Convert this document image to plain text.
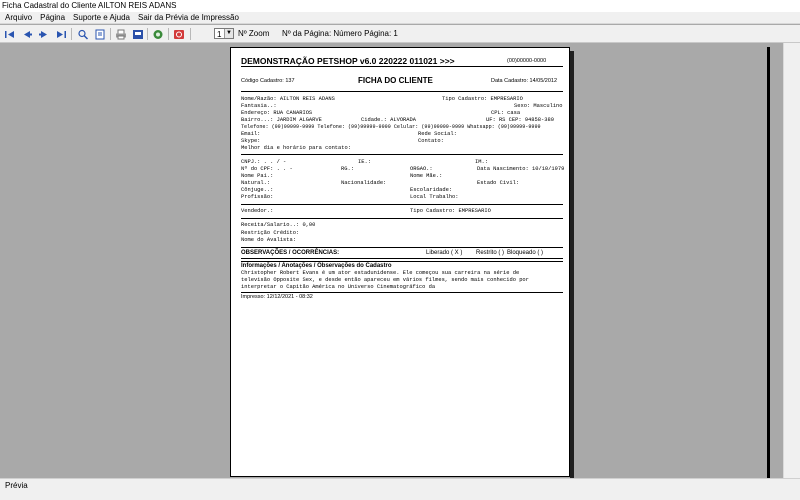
Ficha Cadastral do Cliente AILTON REIS ADANS
Arquivo Página Suporte e Ajuda Sair da Prévia de Impressão
1 ▼ Nº Zoom Nº da Página: Número Página: 1
DEMONSTRAÇÃO PETSHOP v6.0 220222 011021 >>>	(00)00000-0000
Código Cadastro: 137	FICHA DO CLIENTE	Data Cadastro: 14/05/2012
Nome/Razão: AILTON REIS ADANS	Tipo Cadastro: EMPRESARIO
Fantasia..:	Sexo: Masculino
Endereço: RUA CANARIOS	CPL: casa
Bairro...: JARDIM ALGARVE	Cidade.: ALVORADA	UF: RS CEP: 94858-380
Telefone: (99)99999-9999 Telefone: (99)99999-9999 Celular: (99)99999-9999 Whatsapp: (99)99999-9999
Email:	Rede Social:
Skype:	Contato:
Melhor dia e horário para contato:
CNPJ.: . . / -	IE.:	IM.:
Nº do CPF: . . -	RG.:	ORGAO.:	Data Nascimento: 10/10/1979
Nome Pai.:	Nome Mãe.:
Natural.:	Nacionalidade:	Estado Civil:
Cônjuge..:	Escolaridade:
Profissão:	Local Trabalho:
Vendedor.:	Tipo Cadastro: EMPRESARIO
Receita/Salario..: 0,00
Restrição Crédito:
Nome do Avalista:
OBSERVAÇÕES / OCORRÊNCIAS:	Liberado ( X ) Restrito ( ) Bloqueado ( )
Informações / Anotações / Observações do Cadastro
Christopher Robert Evans é um ator estadunidense. Ele começou sua carreira na série de
televisão Opposite Sex, e desde então apareceu em vários filmes, sendo mais conhecido por
interpretar o Capitão América no Universo Cinematográfico da
Impresso: 12/12/2021 - 08:32
Prévia
